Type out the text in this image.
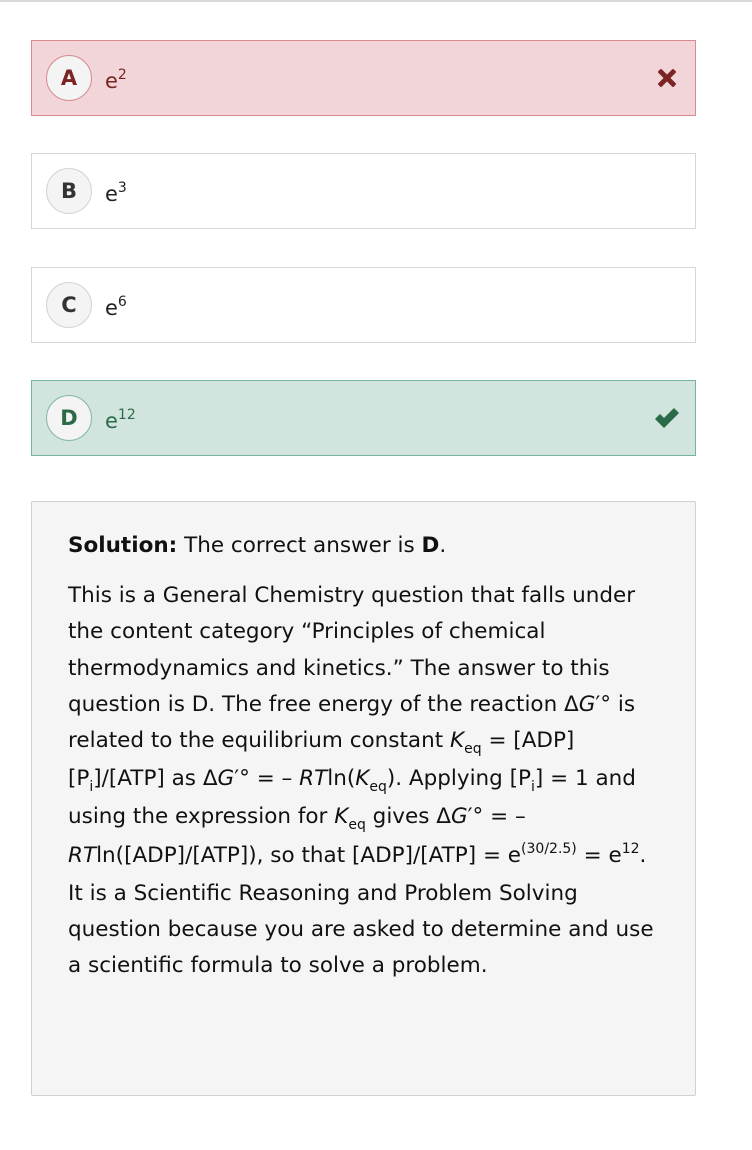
A	$e^2$
B	$e^3$
C	$e^6$
D	$e^{12}$

Solution: The correct answer is D.

This is a General Chemistry question that falls under the content category “Principles of chemical thermodynamics and kinetics.” The answer to this question is D. The free energy of the reaction ΔG′° is related to the equilibrium constant $K_{eq} = [ADP][P_i]/[ATP]$ as ΔG′° = – $RTln(K_{eq})$. Applying $[P_i] = 1$ and using the expression for $K_{eq}$ gives ΔG′° = – RTln([ADP]/[ATP]), so that $[ADP]/[ATP] = e^{(30/2.5)} = e^{12}$. It is a Scientific Reasoning and Problem Solving question because you are asked to determine and use a scientific formula to solve a problem.
